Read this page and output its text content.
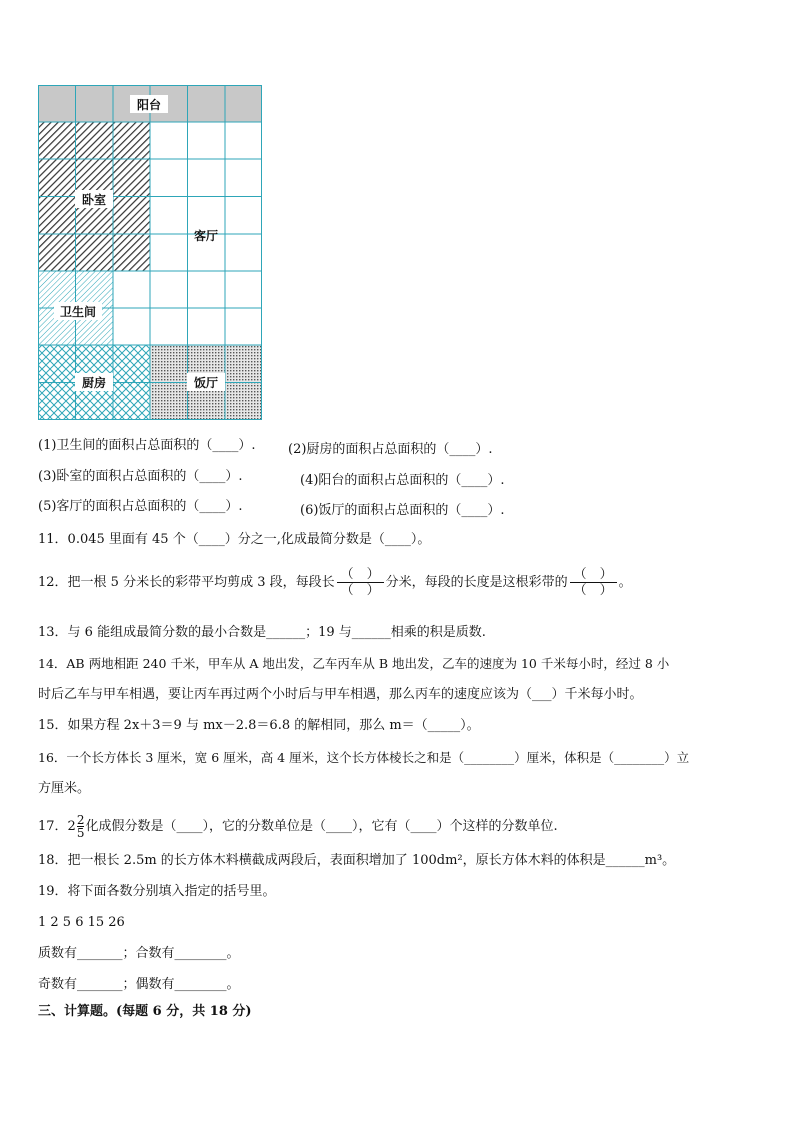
阳台
卧室
客厅
卫生间
厨房	饭厅
(1)卫生间的面积占总面积的（____）. (2)厨房的面积占总面积的（____）.
(3)卧室的面积占总面积的（____）.	(4)阳台的面积占总面积的（____）.
(5)客厅的面积占总面积的（____）.	(6)饭厅的面积占总面积的（____）.
11．0.045 里面有 45 个（____）分之一,化成最简分数是（____）。
12．把一根 5 分米长的彩带平均剪成 3 段，每段长 $\frac{( )}{( )}$ 分米，每段的长度是这根彩带的 $\frac{( )}{( )}$ 。
13．与 6 能组成最简分数的最小合数是______；19 与______相乘的积是质数.
14．AB 两地相距 240 千米，甲车从 A 地出发，乙车丙车从 B 地出发，乙车的速度为 10 千米每小时，经过 8 小
时后乙车与甲车相遇，要让丙车再过两个小时后与甲车相遇，那么丙车的速度应该为（___）千米每小时。
15．如果方程 2x＋3＝9 与 mx－2.8＝6.8 的解相同，那么 m＝（_____）。
16．一个长方体长 3 厘米，宽 6 厘米，高 4 厘米，这个长方体棱长之和是（________）厘米，体积是（________）立
方厘米。
17．$2 \frac{2}{5}$化成假分数是（____），它的分数单位是（____），它有（____）个这样的分数单位.
18．把一根长 2.5m 的长方体木料横截成两段后，表面积增加了 100dm²，原长方体木料的体积是______m³。
19．将下面各数分别填入指定的括号里。
1 2 5 6 15 26
质数有_______；合数有________。
奇数有_______；偶数有________。
三、计算题。(每题 6 分，共 18 分)
